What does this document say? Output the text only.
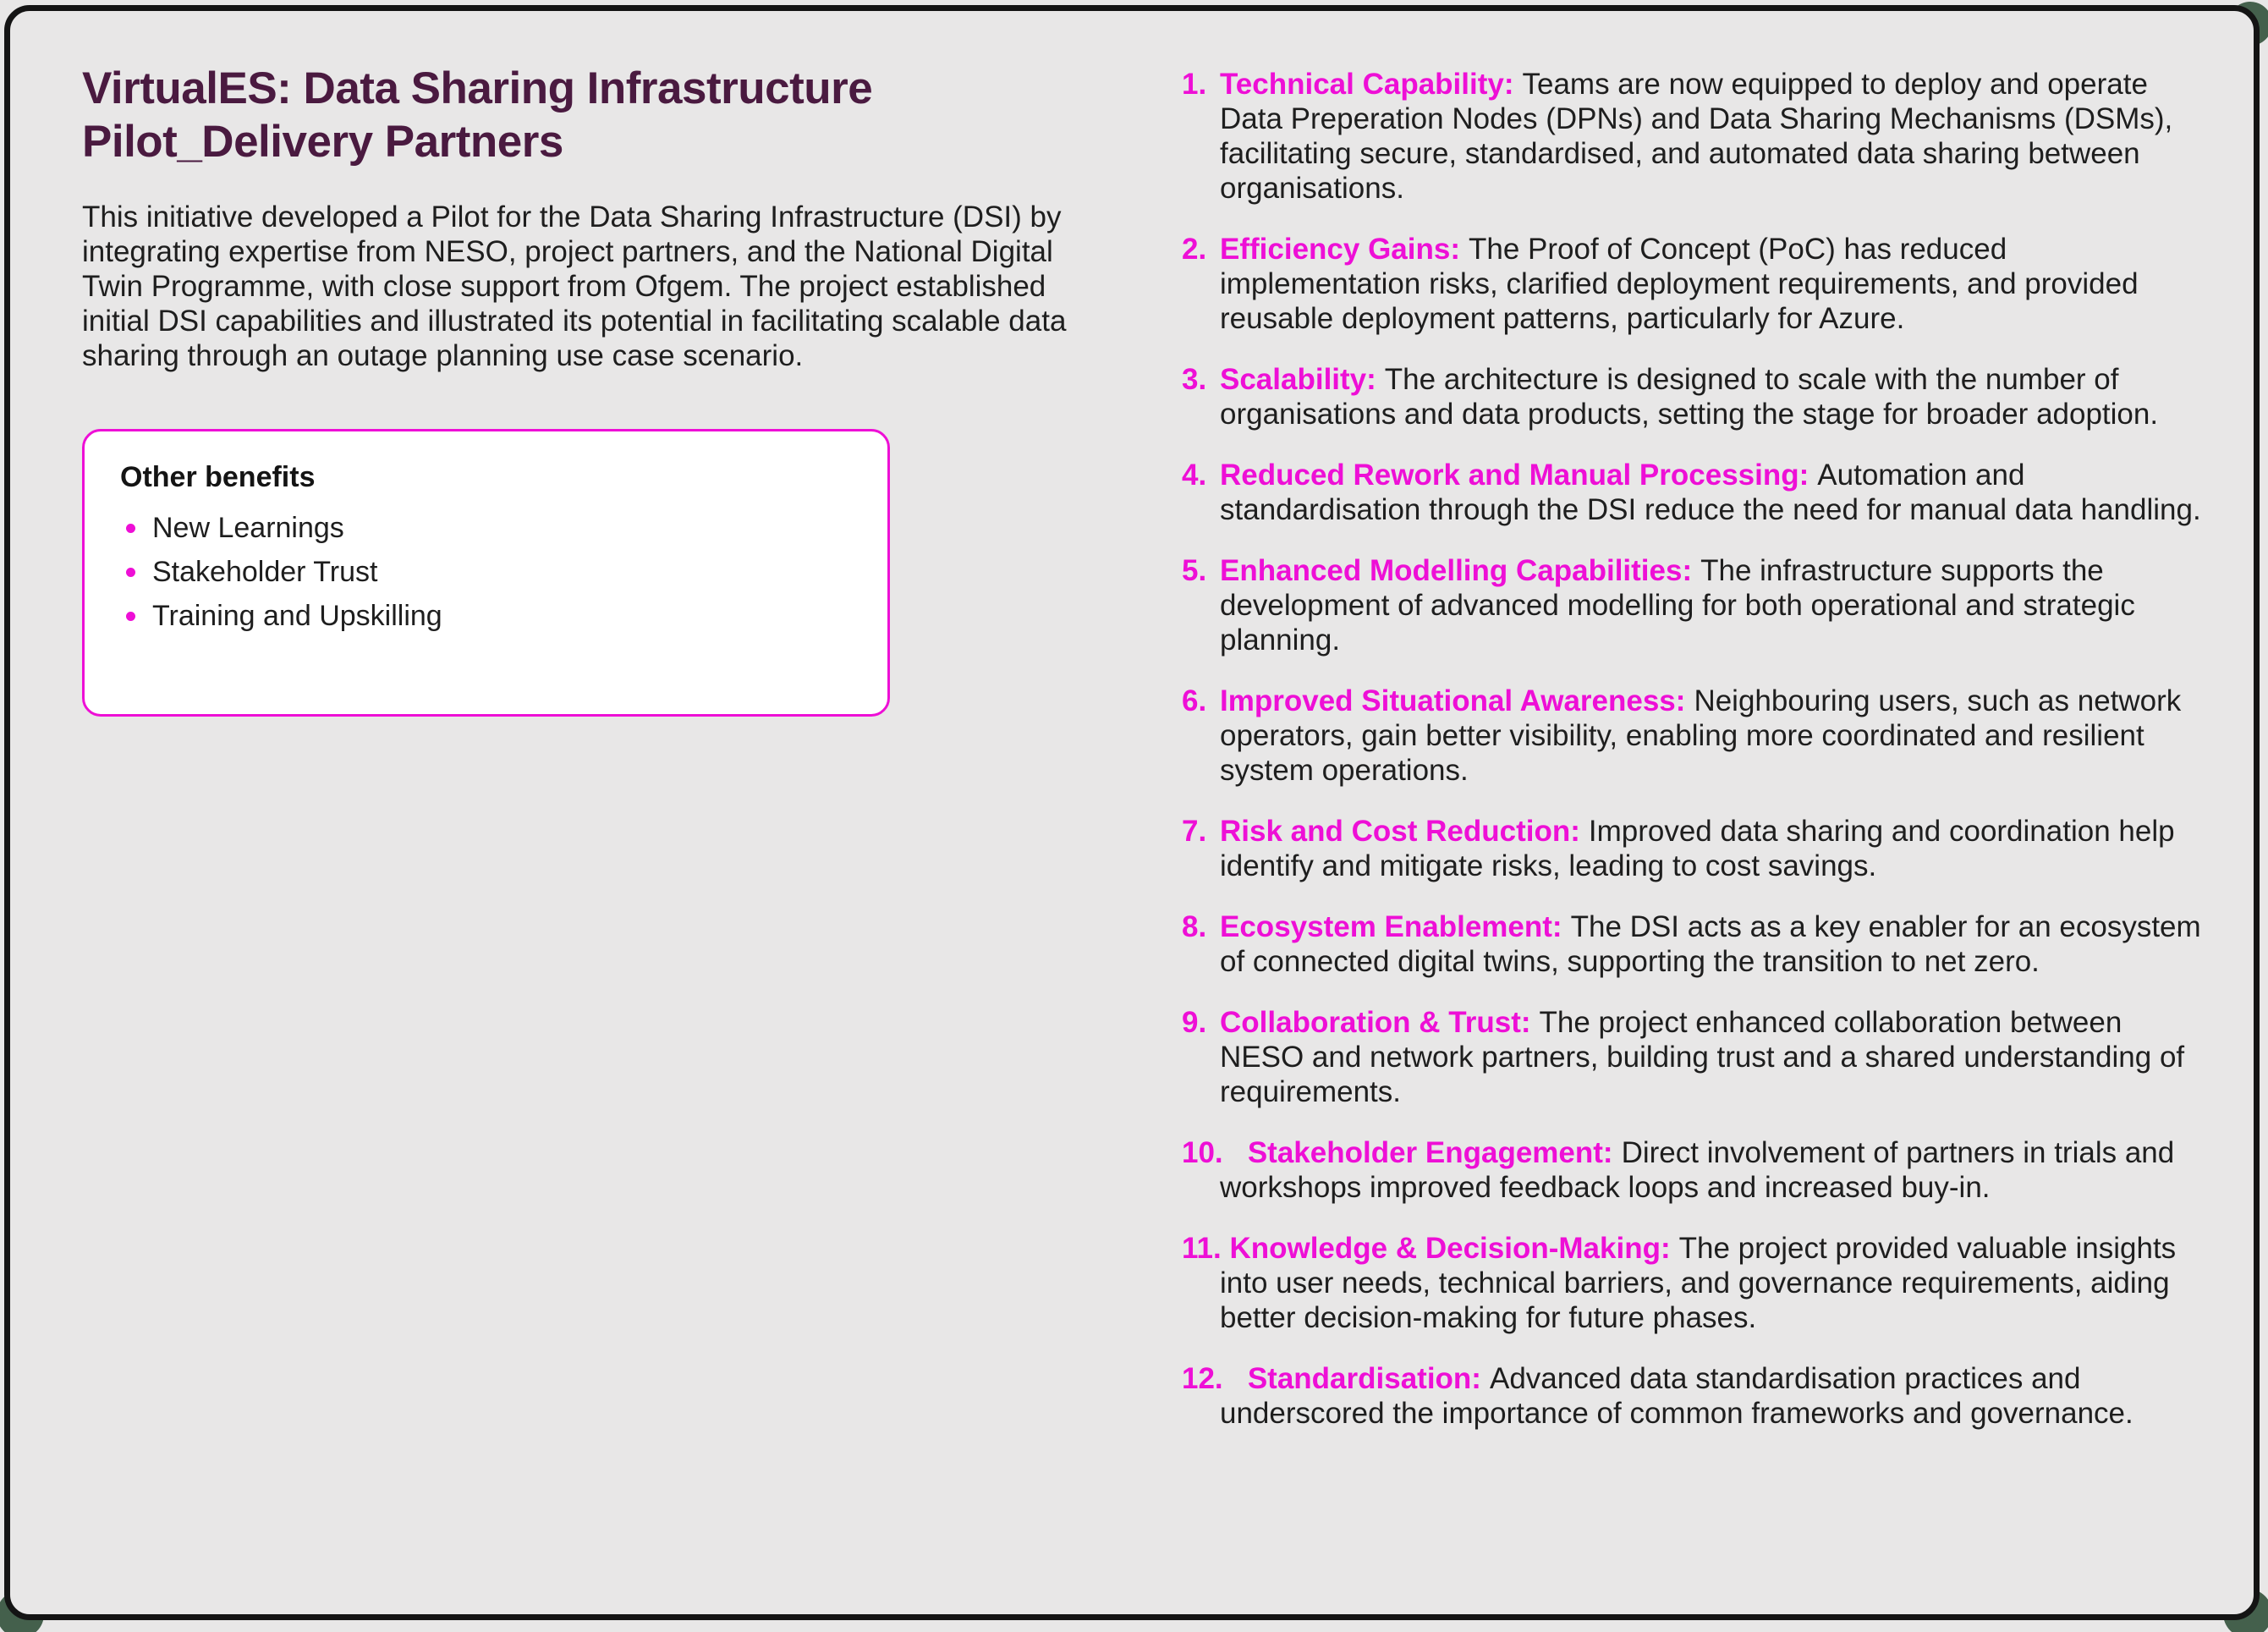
VirtualES: Data Sharing Infrastructure
Pilot_Delivery Partners

This initiative developed a Pilot for the Data Sharing Infrastructure (DSI) by integrating expertise from NESO, project partners, and the National Digital Twin Programme, with close support from Ofgem. The project established initial DSI capabilities and illustrated its potential in facilitating scalable data sharing through an outage planning use case scenario.

Other benefits
New Learnings
Stakeholder Trust
Training and Upskilling
1. Technical Capability: Teams are now equipped to deploy and operate Data Preperation Nodes (DPNs) and Data Sharing Mechanisms (DSMs), facilitating secure, standardised, and automated data sharing between organisations.
2. Efficiency Gains: The Proof of Concept (PoC) has reduced implementation risks, clarified deployment requirements, and provided reusable deployment patterns, particularly for Azure.
3. Scalability: The architecture is designed to scale with the number of organisations and data products, setting the stage for broader adoption.
4. Reduced Rework and Manual Processing: Automation and standardisation through the DSI reduce the need for manual data handling.
5. Enhanced Modelling Capabilities: The infrastructure supports the development of advanced modelling for both operational and strategic planning.
6. Improved Situational Awareness: Neighbouring users, such as network operators, gain better visibility, enabling more coordinated and resilient system operations.
7. Risk and Cost Reduction: Improved data sharing and coordination help identify and mitigate risks, leading to cost savings.
8. Ecosystem Enablement: The DSI acts as a key enabler for an ecosystem of connected digital twins, supporting the transition to net zero.
9. Collaboration & Trust: The project enhanced collaboration between NESO and network partners, building trust and a shared understanding of requirements.
10.   Stakeholder Engagement: Direct involvement of partners in trials and workshops improved feedback loops and increased buy-in.
11. Knowledge & Decision-Making: The project provided valuable insights into user needs, technical barriers, and governance requirements, aiding better decision-making for future phases.
12.   Standardisation: Advanced data standardisation practices and underscored the importance of common frameworks and governance.
